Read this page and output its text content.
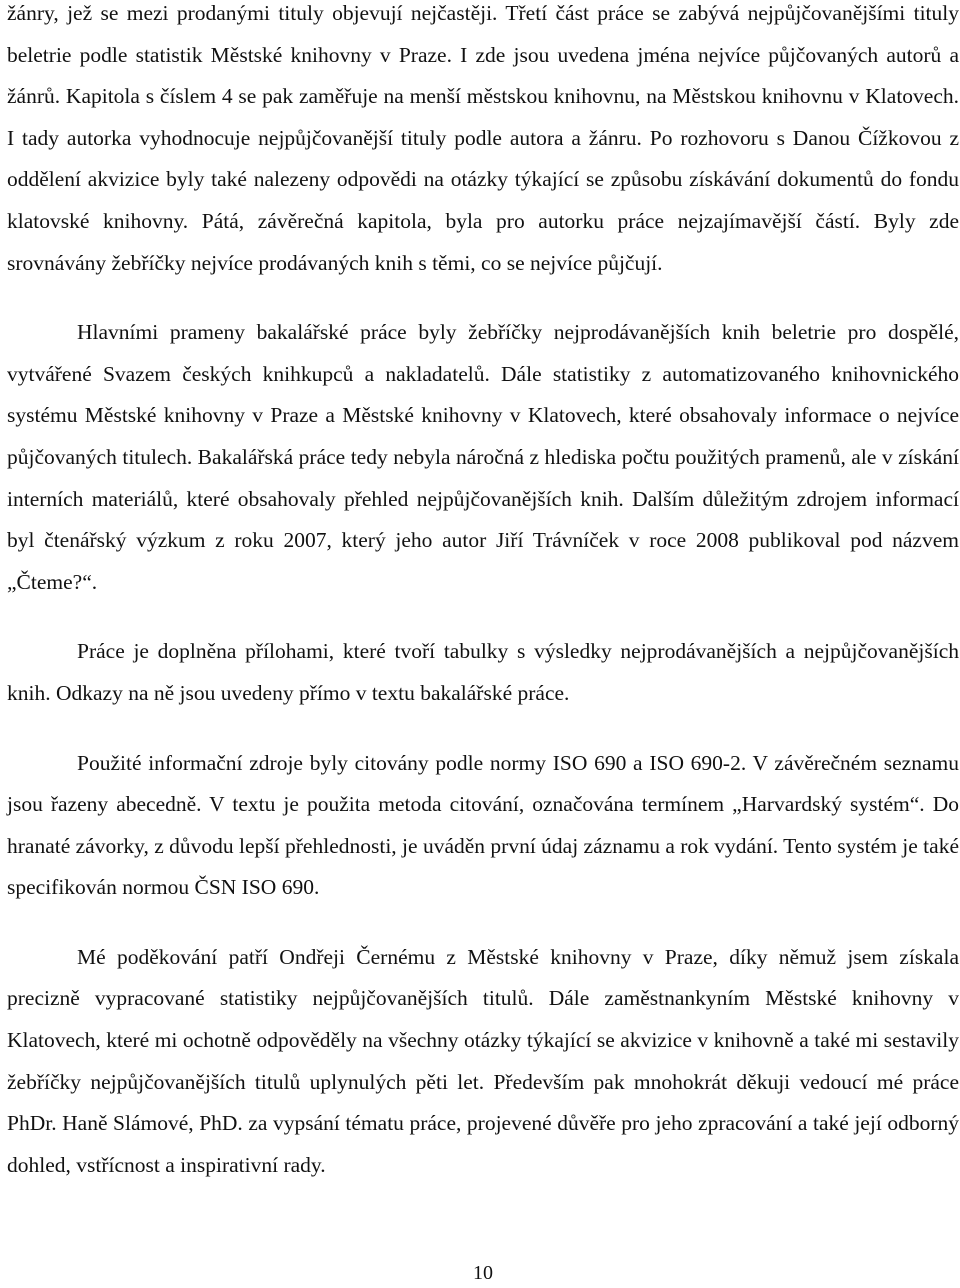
žánry, jež se mezi prodanými tituly objevují nejčastěji. Třetí část práce se zabývá nejpůjčovanějšími tituly beletrie podle statistik Městské knihovny v Praze. I zde jsou uvedena jména nejvíce půjčovaných autorů a žánrů. Kapitola s číslem 4 se pak zaměřuje na menší městskou knihovnu, na Městskou knihovnu v Klatovech. I tady autorka vyhodnocuje nejpůjčovanější tituly podle autora a žánru. Po rozhovoru s Danou Čížkovou z oddělení akvizice byly také nalezeny odpovědi na otázky týkající se způsobu získávání dokumentů do fondu klatovské knihovny. Pátá, závěrečná kapitola, byla pro autorku práce nejzajímavější částí. Byly zde srovnávány žebříčky nejvíce prodávaných knih s těmi, co se nejvíce půjčují.

Hlavními prameny bakalářské práce byly žebříčky nejprodávanějších knih beletrie pro dospělé, vytvářené Svazem českých knihkupců a nakladatelů. Dále statistiky z automatizovaného knihovnického systému Městské knihovny v Praze a Městské knihovny v Klatovech, které obsahovaly informace o nejvíce půjčovaných titulech. Bakalářská práce tedy nebyla náročná z hlediska počtu použitých pramenů, ale v získání interních materiálů, které obsahovaly přehled nejpůjčovanějších knih. Dalším důležitým zdrojem informací byl čtenářský výzkum z roku 2007, který jeho autor Jiří Trávníček v roce 2008 publikoval pod názvem „Čteme?“.

Práce je doplněna přílohami, které tvoří tabulky s výsledky nejprodávanějších a nejpůjčovanějších knih. Odkazy na ně jsou uvedeny přímo v textu bakalářské práce.

Použité informační zdroje byly citovány podle normy ISO 690 a ISO 690-2. V závěrečném seznamu jsou řazeny abecedně. V textu je použita metoda citování, označována termínem „Harvardský systém“. Do hranaté závorky, z důvodu lepší přehlednosti, je uváděn první údaj záznamu a rok vydání. Tento systém je také specifikován normou ČSN ISO 690.

Mé poděkování patří Ondřeji Černému z Městské knihovny v Praze, díky němuž jsem získala precizně vypracované statistiky nejpůjčovanějších titulů. Dále zaměstnankyním Městské knihovny v Klatovech, které mi ochotně odpověděly na všechny otázky týkající se akvizice v knihovně a také mi sestavily žebříčky nejpůjčovanějších titulů uplynulých pěti let. Především pak mnohokrát děkuji vedoucí mé práce PhDr. Haně Slámové, PhD. za vypsání tématu práce, projevené důvěře pro jeho zpracování a také její odborný dohled, vstřícnost a inspirativní rady.

10
